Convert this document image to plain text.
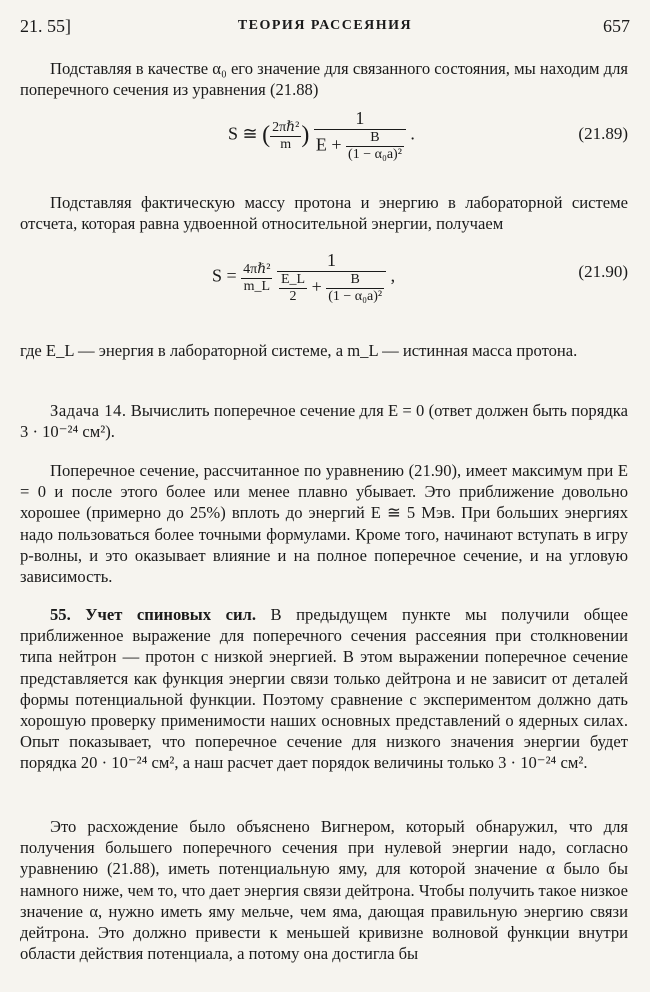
21. 55]	ТЕОРИЯ РАССЕЯНИЯ	657

Подставляя в качестве α₀ его значение для связанного состояния, мы находим для поперечного сечения из уравнения (21.88)

S ≅ ( $\frac{\text{2πℏ²}}{m}$ ) $\frac{1}{E + \frac{B}{\text{(1 − α₀a)²}}}$ .	(21.89)

Подставляя фактическую массу протона и энергию в лабораторной системе отсчета, которая равна удвоенной относительной энергии, получаем

$S = \frac{\text{4πℏ²}}{m\_L}$

1
$\frac{E\_L}{2} + \frac{B}{\text{(1 − α₀a)²}}$ ,	(21.90)

где E_L — энергия в лабораторной системе, а m_L — истинная масса протона.

Задача 14. Вычислить поперечное сечение для E = 0 (ответ должен быть порядка 3 · 10⁻²⁴ см²).

Поперечное сечение, рассчитанное по уравнению (21.90), имеет максимум при E = 0 и после этого более или менее плавно убывает. Это приближение довольно хорошее (примерно до 25%) вплоть до энергий E ≅ 5 Мэв. При больших энергиях надо пользоваться более точными формулами. Кроме того, начинают вступать в игру p-волны, и это оказывает влияние и на полное поперечное сечение, и на угловую зависимость.

55. Учет спиновых сил. В предыдущем пункте мы получили общее приближенное выражение для поперечного сечения рассеяния при столкновении типа нейтрон — протон с низкой энергией. В этом выражении поперечное сечение представляется как функция энергии связи только дейтрона и не зависит от деталей формы потенциальной функции. Поэтому сравнение с экспериментом должно дать хорошую проверку применимости наших основных представлений о ядерных силах. Опыт показывает, что поперечное сечение для низкого значения энергии будет порядка 20 · 10⁻²⁴ см², а наш расчет дает порядок величины только 3 · 10⁻²⁴ см².

Это расхождение было объяснено Вигнером, который обнаружил, что для получения большего поперечного сечения при нулевой энергии надо, согласно уравнению (21.88), иметь потенциальную яму, для которой значение α было бы намного ниже, чем то, что дает энергия связи дейтрона. Чтобы получить такое низкое значение α, нужно иметь яму мельче, чем яма, дающая правильную энергию связи дейтрона. Это должно привести к меньшей кривизне волновой функции внутри области действия потенциала, а потому она достигла бы
